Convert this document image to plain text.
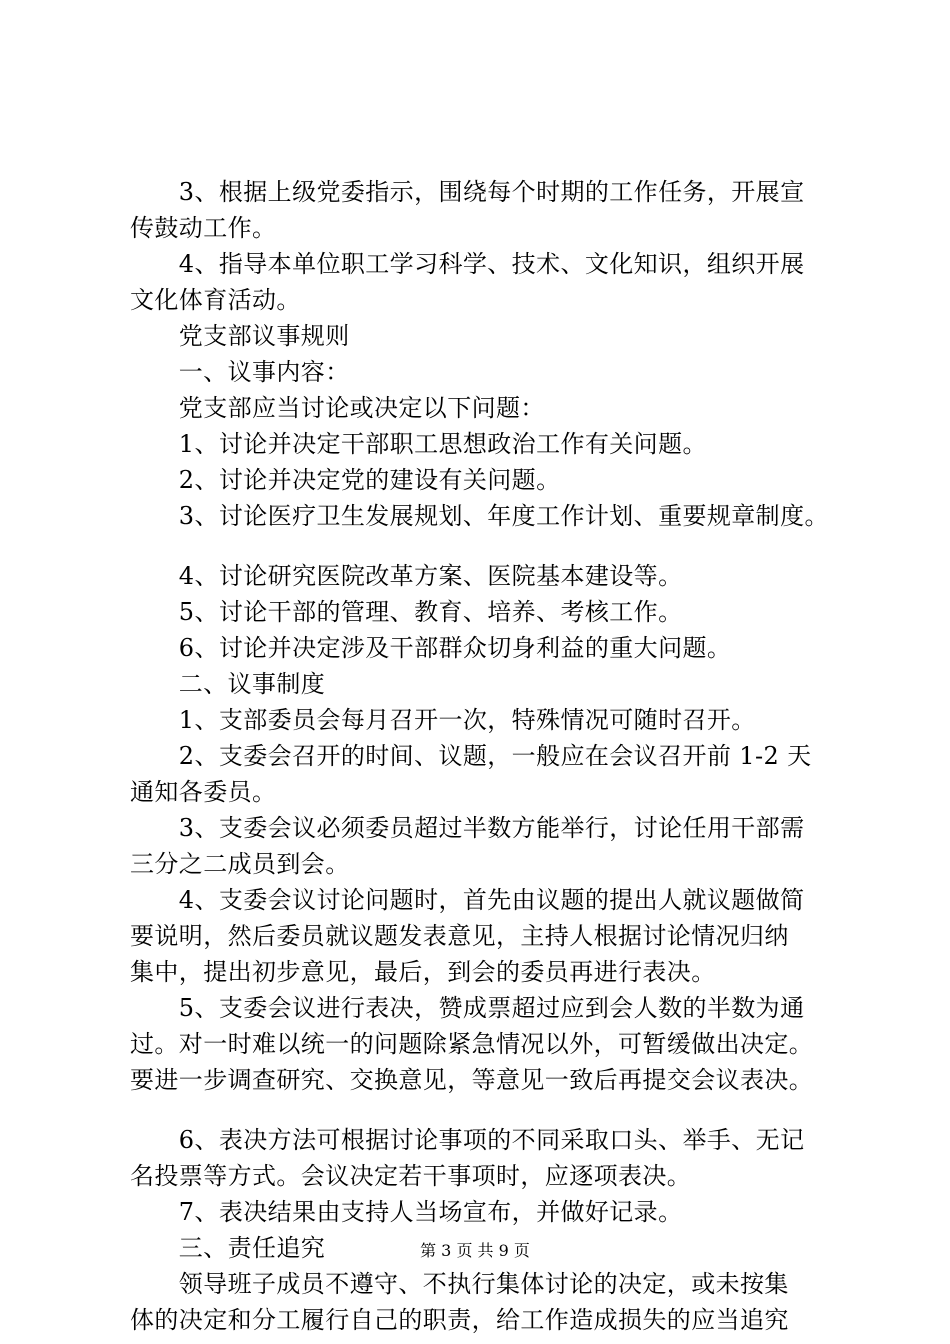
　　3、根据上级党委指示，围绕每个时期的工作任务，开展宣
传鼓动工作。
　　4、指导本单位职工学习科学、技术、文化知识，组织开展
文化体育活动。
　　党支部议事规则
　　一、议事内容：
　　党支部应当讨论或决定以下问题：
　　1、讨论并决定干部职工思想政治工作有关问题。
　　2、讨论并决定党的建设有关问题。
　　3、讨论医疗卫生发展规划、年度工作计划、重要规章制度。
　　4、讨论研究医院改革方案、医院基本建设等。
　　5、讨论干部的管理、教育、培养、考核工作。
　　6、讨论并决定涉及干部群众切身利益的重大问题。
　　二、议事制度
　　1、支部委员会每月召开一次，特殊情况可随时召开。
　　2、支委会召开的时间、议题，一般应在会议召开前 1-2 天
通知各委员。
　　3、支委会议必须委员超过半数方能举行，讨论任用干部需
三分之二成员到会。
　　4、支委会议讨论问题时，首先由议题的提出人就议题做简
要说明，然后委员就议题发表意见，主持人根据讨论情况归纳
集中，提出初步意见，最后，到会的委员再进行表决。
　　5、支委会议进行表决，赞成票超过应到会人数的半数为通
过。对一时难以统一的问题除紧急情况以外，可暂缓做出决定。
要进一步调查研究、交换意见，等意见一致后再提交会议表决。
　　6、表决方法可根据讨论事项的不同采取口头、举手、无记
名投票等方式。会议决定若干事项时，应逐项表决。
　　7、表决结果由支持人当场宣布，并做好记录。
　　三、责任追究
　　领导班子成员不遵守、不执行集体讨论的决定，或未按集
体的决定和分工履行自己的职责，给工作造成损失的应当追究
第 3 页 共 9 页
